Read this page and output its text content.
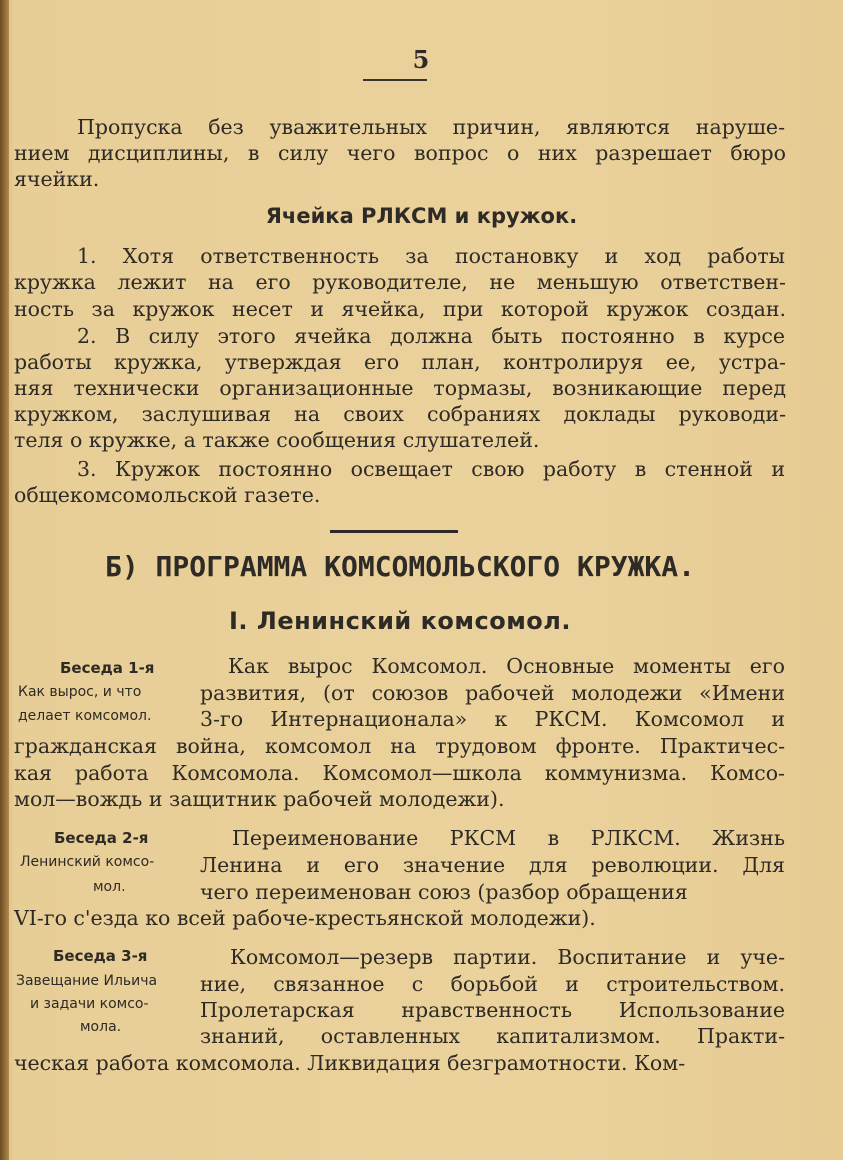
5
Пропуска без уважительных причин, являются наруше-
нием дисциплины, в силу чего вопрос о них разрешает бюро
ячейки.
Ячейка РЛКСМ и кружок.
1. Хотя ответственность за постановку и ход работы
кружка лежит на его руководителе, не меньшую ответствен-
ность за кружок несет и ячейка, при которой кружок создан.
2. В силу этого ячейка должна быть постоянно в курсе
работы кружка, утверждая его план, контролируя ее, устра-
няя технически организационные тормазы, возникающие перед
кружком, заслушивая на своих собраниях доклады руководи-
теля о кружке, а также сообщения слушателей.
3. Кружок постоянно освещает свою работу в стенной и
общекомсомольской газете.
Б) ПРОГРАММА КОМСОМОЛЬСКОГО КРУЖКА.
I. Ленинский комсомол.
Беседа 1-я
Как вырос, и что
делает комсомол.
Как вырос Комсомол. Основные моменты его
развития, (от союзов рабочей молодежи «Имени
3-го Интернационала» к РКСМ. Комсомол и
гражданская война, комсомол на трудовом фронте. Практичес-
кая работа Комсомола. Комсомол—школа коммунизма. Комсо-
мол—вождь и защитник рабочей молодежи).
Беседа 2-я
Ленинский комсо-
мол.
Переименование РКСМ в РЛКСМ. Жизнь
Ленина и его значение для революции. Для
чего переименован союз (разбор обращения
VI-го с'езда ко всей рабоче-крестьянской молодежи).
Беседа 3-я
Завещание Ильича
и задачи комсо-
мола.
Комсомол—резерв партии. Воспитание и уче-
ние, связанное с борьбой и строительством.
Пролетарская нравственность Использование
знаний, оставленных капитализмом. Практи-
ческая работа комсомола. Ликвидация безграмотности. Ком-
